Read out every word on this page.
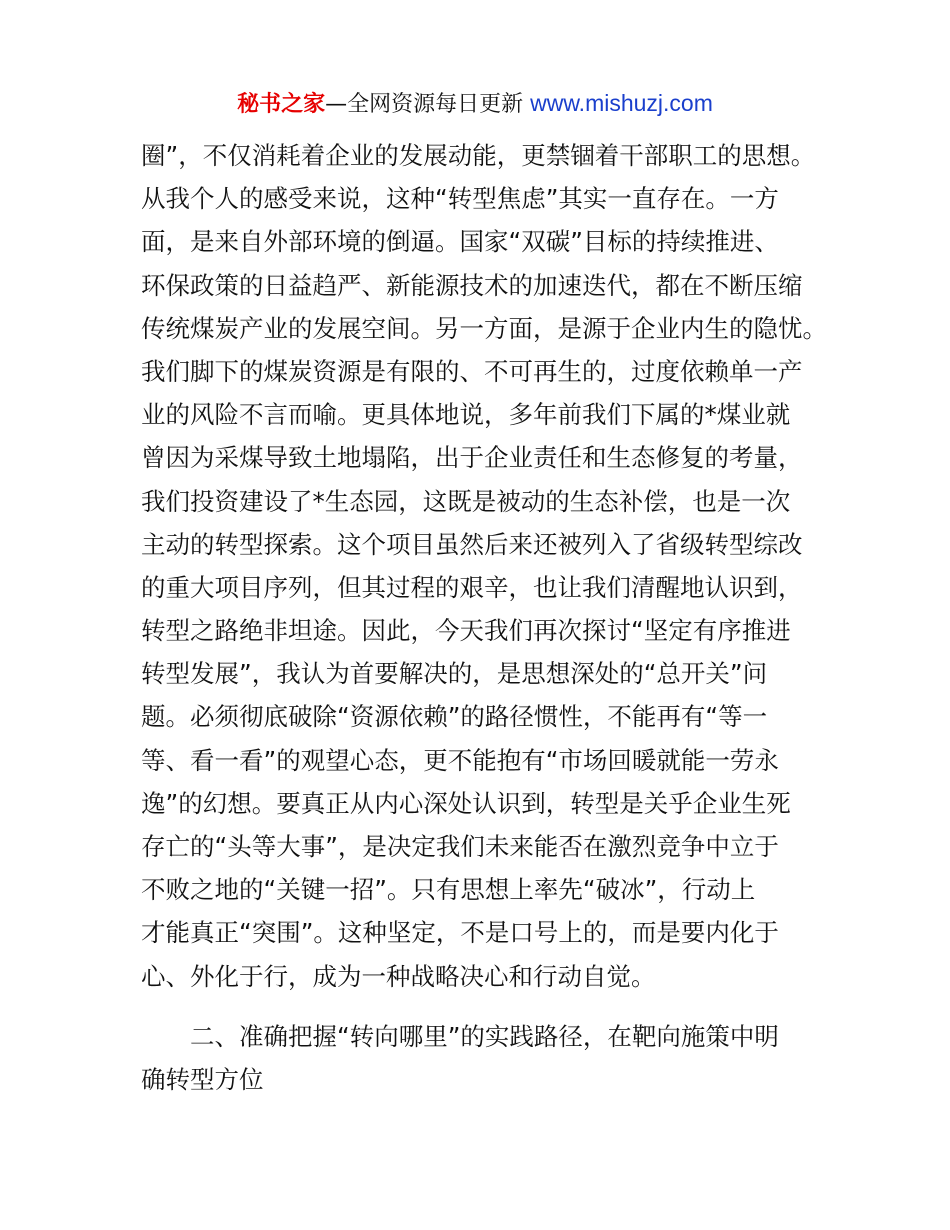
秘书之家—全网资源每日更新 www.mishuzj.com
圈”，不仅消耗着企业的发展动能，更禁锢着干部职工的思想。
从我个人的感受来说，这种“转型焦虑”其实一直存在。一方
面，是来自外部环境的倒逼。国家“双碳”目标的持续推进、
环保政策的日益趋严、新能源技术的加速迭代，都在不断压缩
传统煤炭产业的发展空间。另一方面，是源于企业内生的隐忧。
我们脚下的煤炭资源是有限的、不可再生的，过度依赖单一产
业的风险不言而喻。更具体地说，多年前我们下属的*煤业就
曾因为采煤导致土地塌陷，出于企业责任和生态修复的考量，
我们投资建设了*生态园，这既是被动的生态补偿，也是一次
主动的转型探索。这个项目虽然后来还被列入了省级转型综改
的重大项目序列，但其过程的艰辛，也让我们清醒地认识到，
转型之路绝非坦途。因此，今天我们再次探讨“坚定有序推进
转型发展”，我认为首要解决的，是思想深处的“总开关”问
题。必须彻底破除“资源依赖”的路径惯性，不能再有“等一
等、看一看”的观望心态，更不能抱有“市场回暖就能一劳永
逸”的幻想。要真正从内心深处认识到，转型是关乎企业生死
存亡的“头等大事”，是决定我们未来能否在激烈竞争中立于
不败之地的“关键一招”。只有思想上率先“破冰”，行动上
才能真正“突围”。这种坚定，不是口号上的，而是要内化于
心、外化于行，成为一种战略决心和行动自觉。
二、准确把握“转向哪里”的实践路径，在靶向施策中明
确转型方位
